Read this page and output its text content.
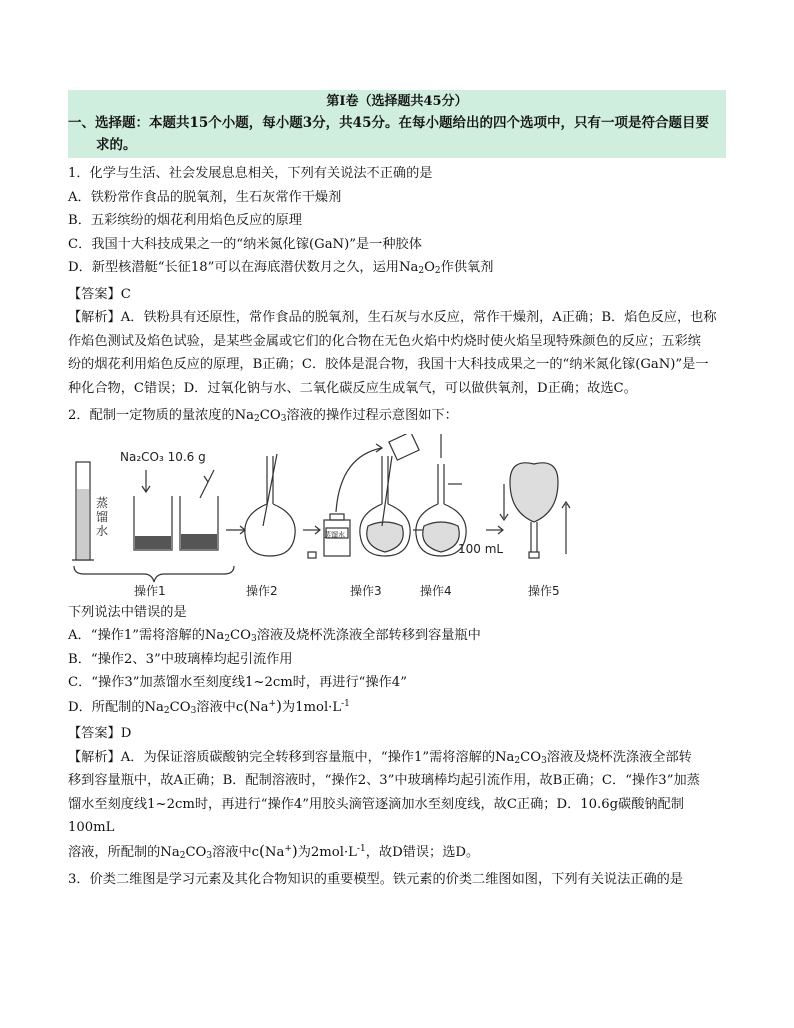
第Ⅰ卷（选择题共45分）
一、选择题：本题共15个小题，每小题3分，共45分。在每小题给出的四个选项中，只有一项是符合题目要
求的。

1．化学与生活、社会发展息息相关，下列有关说法不正确的是

A．铁粉常作食品的脱氧剂，生石灰常作干燥剂

B．五彩缤纷的烟花利用焰色反应的原理

C．我国十大科技成果之一的“纳米氮化镓(GaN)”是一种胶体

D．新型核潜艇“长征18”可以在海底潜伏数月之久，运用$Na_2O_2$作供氧剂

【答案】C

【解析】A．铁粉具有还原性，常作食品的脱氧剂，生石灰与水反应，常作干燥剂，A正确；B．焰色反应，也称

作焰色测试及焰色试验，是某些金属或它们的化合物在无色火焰中灼烧时使火焰呈现特殊颜色的反应；五彩缤

纷的烟花利用焰色反应的原理，B正确；C．胶体是混合物，我国十大科技成果之一的“纳米氮化镓(GaN)”是一

种化合物，C错误；D．过氧化钠与水、二氧化碳反应生成氧气，可以做供氧剂，D正确；故选C。

2．配制一定物质的量浓度的$Na_2CO_3$溶液的操作过程示意图如下：

Na₂CO₃ 10.6 g
蒸
馏
水	蒸馏水
100 mL
操作1	操作2	操作3	操作4	操作5

下列说法中错误的是

A．“操作1”需将溶解的$Na_2CO_3$溶液及烧杯洗涤液全部转移到容量瓶中

B．“操作2、3”中玻璃棒均起引流作用

C．“操作3”加蒸馏水至刻度线1~2cm时，再进行“操作4”

D．所配制的$Na_2CO_3$溶液中c(Na+)为$1mol\cdot L^{-1}$

【答案】D

【解析】A．为保证溶质碳酸钠完全转移到容量瓶中，“操作1”需将溶解的$Na_2CO_3$溶液及烧杯洗涤液全部转

移到容量瓶中，故A正确；B．配制溶液时，“操作2、3”中玻璃棒均起引流作用，故B正确；C．“操作3”加蒸

馏水至刻度线1~2cm时，再进行“操作4”用胶头滴管逐滴加水至刻度线，故C正确；D．10.6g碳酸钠配制100mL

溶液，所配制的$Na_2CO_3$溶液中c(Na+)为$2mol\cdot L^{-1}$，故D错误；选D。

3．价类二维图是学习元素及其化合物知识的重要模型。铁元素的价类二维图如图，下列有关说法正确的是
